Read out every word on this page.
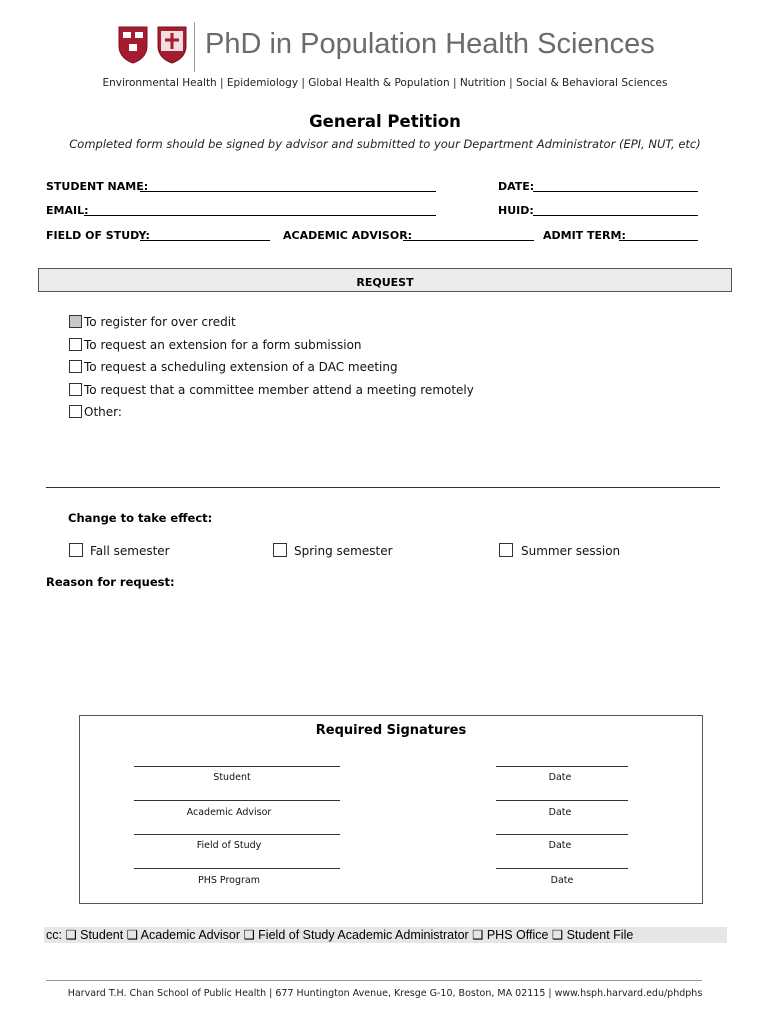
PhD in Population Health Sciences
Environmental Health | Epidemiology | Global Health & Population | Nutrition | Social & Behavioral Sciences
General Petition
Completed form should be signed by advisor and submitted to your Department Administrator (EPI, NUT, etc)
STUDENT NAME:	DATE:
EMAIL:	HUID:
FIELD OF STUDY:	ACADEMIC ADVISOR:	ADMIT TERM:
REQUEST
To register for over credit
To request an extension for a form submission
To request a scheduling extension of a DAC meeting
To request that a committee member attend a meeting remotely
Other:
Change to take effect:
Fall semester	Spring semester	Summer session
Reason for request:
Required Signatures
Student	Date
Academic Advisor	Date
Field of Study	Date
PHS Program	Date
cc: ❑ Student ❑ Academic Advisor ❑ Field of Study Academic Administrator ❑ PHS Office ❑ Student File
Harvard T.H. Chan School of Public Health | 677 Huntington Avenue, Kresge G-10, Boston, MA 02115 | www.hsph.harvard.edu/phdphs
